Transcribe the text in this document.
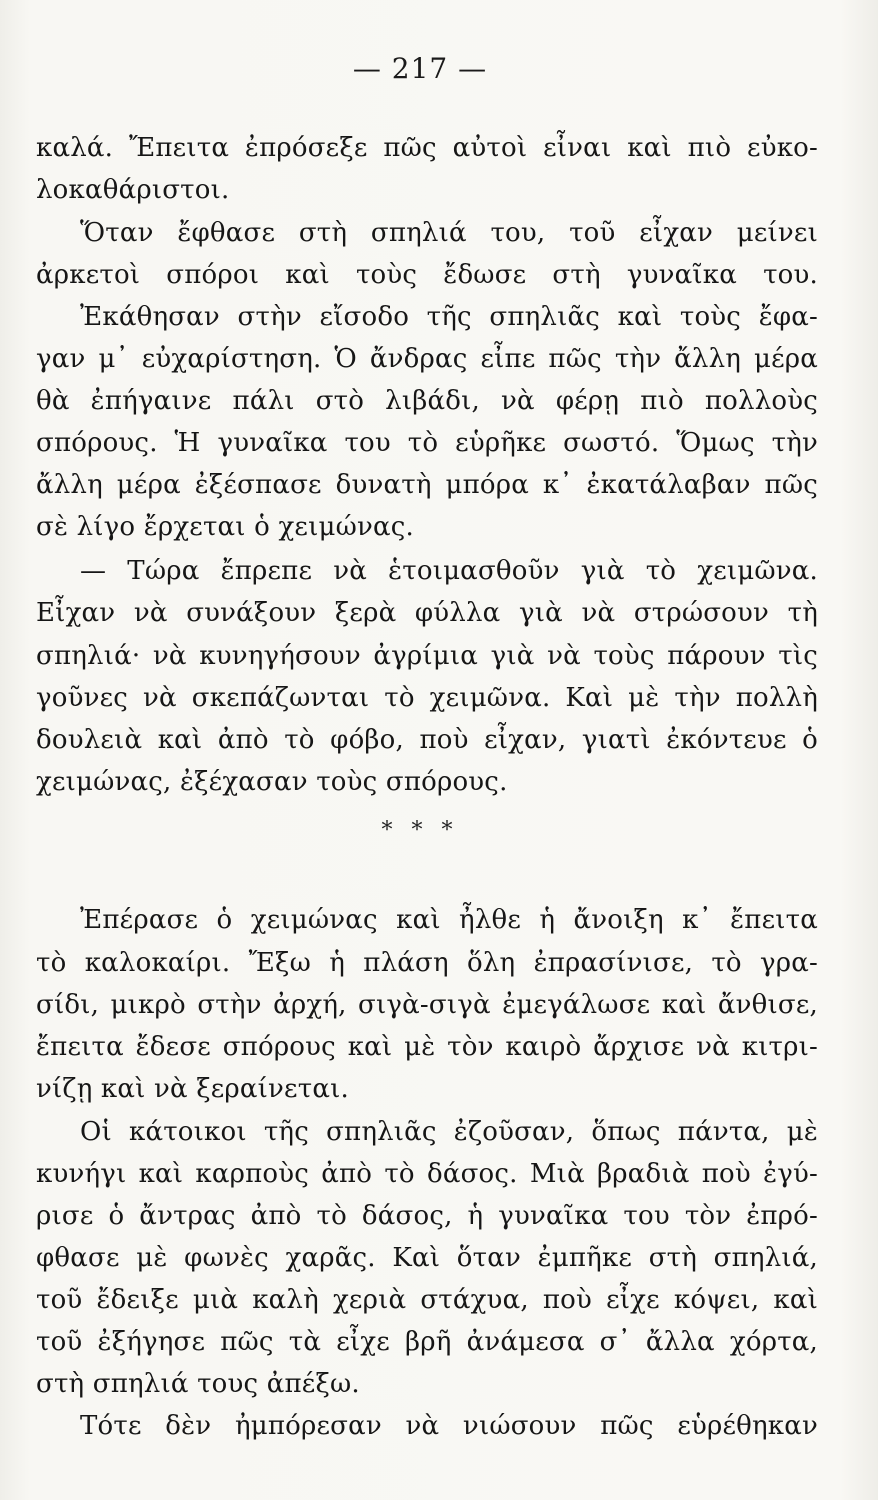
— 217 —
καλά. Ἔπειτα ἐπρόσεξε πῶς αὐτοὶ εἶναι καὶ πιὸ εὐκο-
λοκαθάριστοι.
Ὅταν ἔφθασε στὴ σπηλιά του, τοῦ εἶχαν μείνει
ἀρκετοὶ σπόροι καὶ τοὺς ἔδωσε στὴ γυναῖκα του.
Ἐκάθησαν στὴν εἴσοδο τῆς σπηλιᾶς καὶ τοὺς ἔφα-
γαν μ᾿ εὐχαρίστηση. Ὁ ἄνδρας εἶπε πῶς τὴν ἄλλη μέρα
θὰ ἐπήγαινε πάλι στὸ λιβάδι, νὰ φέρῃ πιὸ πολλοὺς
σπόρους. Ἡ γυναῖκα του τὸ εὑρῆκε σωστό. Ὅμως τὴν
ἄλλη μέρα ἐξέσπασε δυνατὴ μπόρα κ᾿ ἐκατάλαβαν πῶς
σὲ λίγο ἔρχεται ὁ χειμώνας.
— Τώρα ἔπρεπε νὰ ἑτοιμασθοῦν γιὰ τὸ χειμῶνα.
Εἶχαν νὰ συνάξουν ξερὰ φύλλα γιὰ νὰ στρώσουν τὴ
σπηλιά· νὰ κυνηγήσουν ἀγρίμια γιὰ νὰ τοὺς πάρουν τὶς
γοῦνες νὰ σκεπάζωνται τὸ χειμῶνα. Καὶ μὲ τὴν πολλὴ
δουλειὰ καὶ ἀπὸ τὸ φόβο, ποὺ εἶχαν, γιατὶ ἐκόντευε ὁ
χειμώνας, ἐξέχασαν τοὺς σπόρους.
* * *
Ἐπέρασε ὁ χειμώνας καὶ ἦλθε ἡ ἄνοιξη κ᾿ ἔπειτα
τὸ καλοκαίρι. Ἔξω ἡ πλάση ὅλη ἐπρασίνισε, τὸ γρα-
σίδι, μικρὸ στὴν ἀρχή, σιγὰ-σιγὰ ἐμεγάλωσε καὶ ἄνθισε,
ἔπειτα ἔδεσε σπόρους καὶ μὲ τὸν καιρὸ ἄρχισε νὰ κιτρι-
νίζῃ καὶ νὰ ξεραίνεται.
Οἱ κάτοικοι τῆς σπηλιᾶς ἐζοῦσαν, ὅπως πάντα, μὲ
κυνήγι καὶ καρποὺς ἀπὸ τὸ δάσος. Μιὰ βραδιὰ ποὺ ἐγύ-
ρισε ὁ ἄντρας ἀπὸ τὸ δάσος, ἡ γυναῖκα του τὸν ἐπρό-
φθασε μὲ φωνὲς χαρᾶς. Καὶ ὅταν ἐμπῆκε στὴ σπηλιά,
τοῦ ἔδειξε μιὰ καλὴ χεριὰ στάχυα, ποὺ εἶχε κόψει, καὶ
τοῦ ἐξήγησε πῶς τὰ εἶχε βρῆ ἀνάμεσα σ᾿ ἄλλα χόρτα,
στὴ σπηλιά τους ἀπέξω.
Τότε δὲν ἠμπόρεσαν νὰ νιώσουν πῶς εὑρέθηκαν
